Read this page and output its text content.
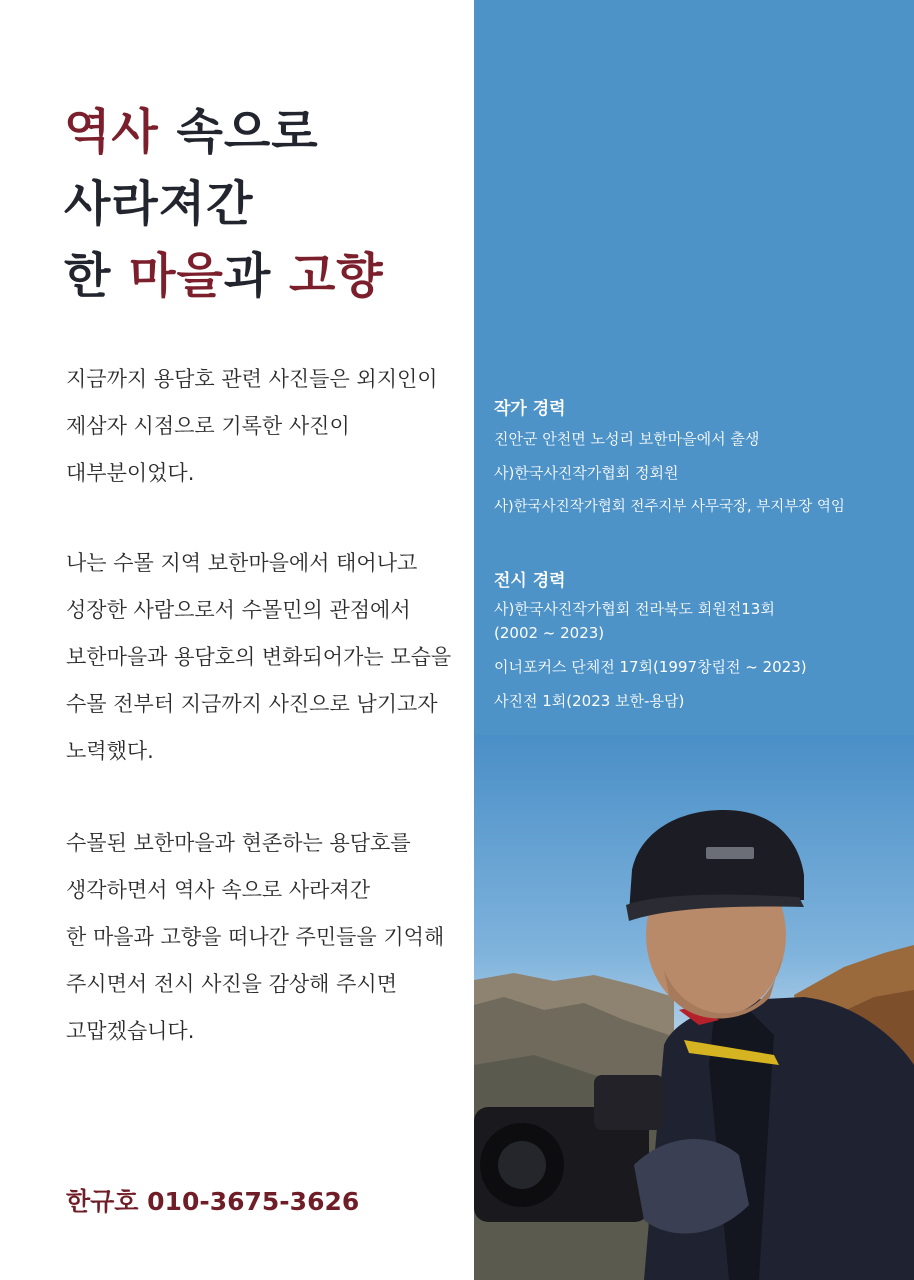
역사 속으로
사라져간
한 마을과 고향
지금까지 용담호 관련 사진들은 외지인이
제삼자 시점으로 기록한 사진이
대부분이었다.
나는 수몰 지역 보한마을에서 태어나고
성장한 사람으로서 수몰민의 관점에서
보한마을과 용담호의 변화되어가는 모습을
수몰 전부터 지금까지 사진으로 남기고자
노력했다.
수몰된 보한마을과 현존하는 용담호를
생각하면서 역사 속으로 사라져간
한 마을과 고향을 떠나간 주민들을 기억해
주시면서 전시 사진을 감상해 주시면
고맙겠습니다.
한규호 010-3675-3626
작가 경력
진안군 안천면 노성리 보한마을에서 출생
사)한국사진작가협회 정회원
사)한국사진작가협회 전주지부 사무국장, 부지부장 역임
전시 경력
사)한국사진작가협회 전라북도 회원전13회
(2002 ~ 2023)
이너포커스 단체전 17회(1997창립전 ~ 2023)
사진전 1회(2023 보한-용담)
